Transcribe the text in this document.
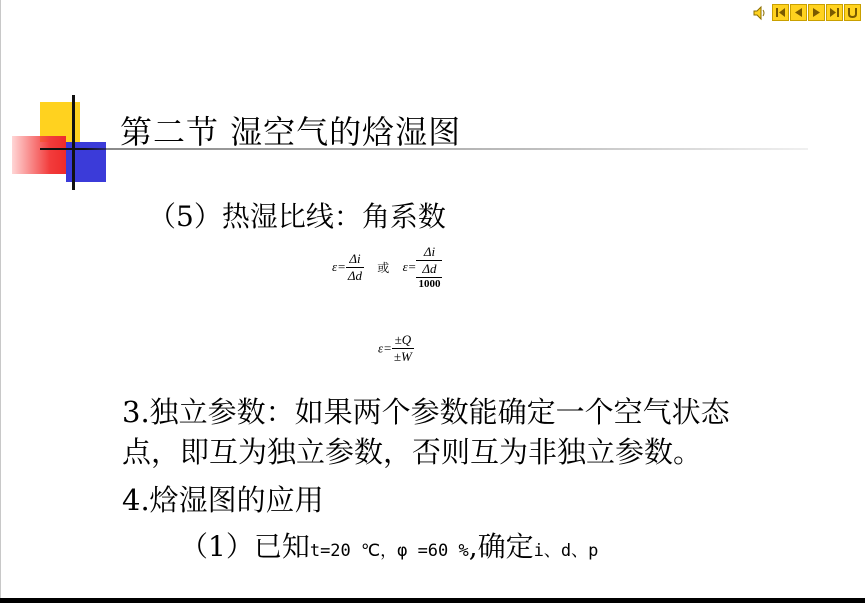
第二节 湿空气的焓湿图
（5）热湿比线：角系数
$\varepsilon= \frac{\Delta i}{\Delta d}$ 或 ε=
Δi
Δd
1000
$\varepsilon= \frac{\pm Q}{\pm W}$
3.独立参数：如果两个参数能确定一个空气状态
点，即互为独立参数，否则互为非独立参数。
4.焓湿图的应用
（1）已知t=20 ℃，φ =60 %,确定i、d、p
